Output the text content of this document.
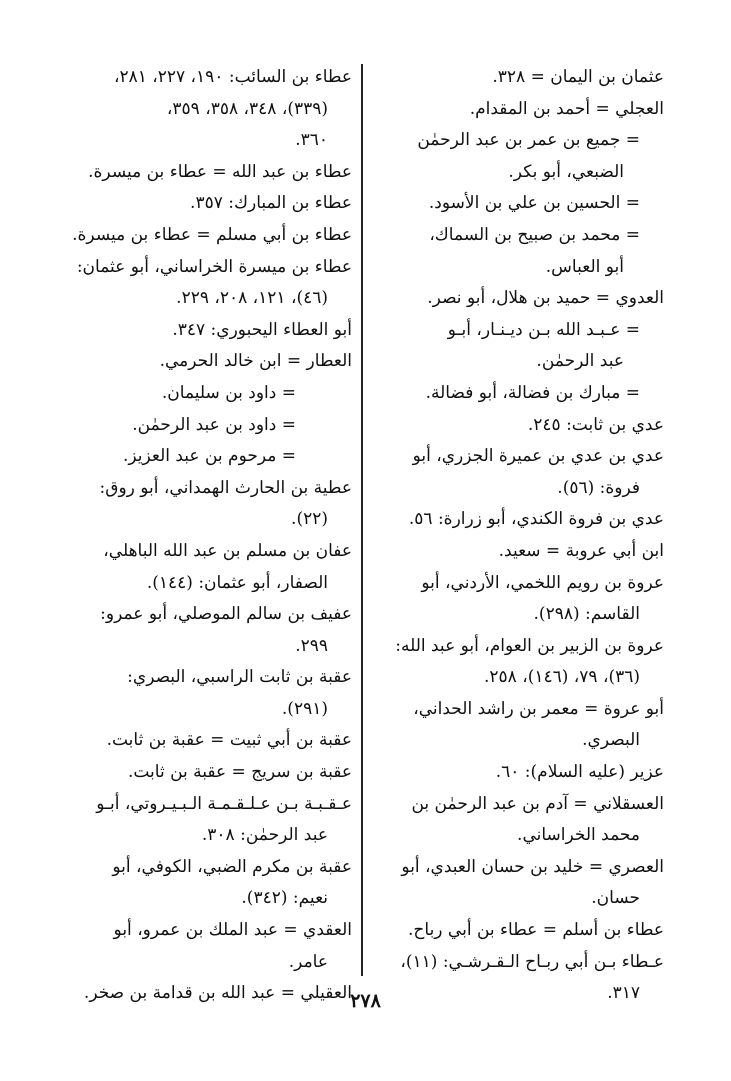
عثمان بن اليمان = ٣٢٨.
العجلي = أحمد بن المقدام.
= جميع بن عمر بن عبد الرحمٰن
الضبعي، أبو بكر.
= الحسين بن علي بن الأسود.
= محمد بن صبيح بن السماك،
أبو العباس.
العدوي = حميد بن هلال، أبو نصر.
= عـبـد الله بـن ديـنـار، أبـو
عبد الرحمٰن.
= مبارك بن فضالة، أبو فضالة.
عدي بن ثابت: ٢٤٥.
عدي بن عدي بن عميرة الجزري، أبو
فروة: (٥٦).
عدي بن فروة الكندي، أبو زرارة: ٥٦.
ابن أبي عروبة = سعيد.
عروة بن رويم اللخمي، الأردني، أبو
القاسم: (٢٩٨).
عروة بن الزبير بن العوام، أبو عبد الله:
(٣٦)، ٧٩، (١٤٦)، ٢٥٨.
أبو عروة = معمر بن راشد الحداني،
البصري.
عزير (عليه السلام): ٦٠.
العسقلاني = آدم بن عبد الرحمٰن بن
محمد الخراساني.
العصري = خليد بن حسان العبدي، أبو
حسان.
عطاء بن أسلم = عطاء بن أبي رباح.
عـطاء بـن أبي ربـاح الـقـرشـي: (١١)،
٣١٧.
عطاء بن السائب: ١٩٠، ٢٢٧، ٢٨١،
(٣٣٩)، ٣٤٨، ٣٥٨، ٣٥٩،
٣٦٠.
عطاء بن عبد الله = عطاء بن ميسرة.
عطاء بن المبارك: ٣٥٧.
عطاء بن أبي مسلم = عطاء بن ميسرة.
عطاء بن ميسرة الخراساني، أبو عثمان:
(٤٦)، ١٢١، ٢٠٨، ٢٢٩.
أبو العطاء اليحبوري: ٣٤٧.
العطار = ابن خالد الحرمي.
= داود بن سليمان.
= داود بن عبد الرحمٰن.
= مرحوم بن عبد العزيز.
عطية بن الحارث الهمداني، أبو روق:
(٢٢).
عفان بن مسلم بن عبد الله الباهلي،
الصفار، أبو عثمان: (١٤٤).
عفيف بن سالم الموصلي، أبو عمرو:
٢٩٩.
عقبة بن ثابت الراسبي، البصري:
(٢٩١).
عقبة بن أبي ثبيت = عقبة بن ثابت.
عقبة بن سريج = عقبة بن ثابت.
عـقـبـة بـن عـلـقـمـة الـبـيـروتي، أبـو
عبد الرحمٰن: ٣٠٨.
عقبة بن مكرم الضبي، الكوفي، أبو
نعيم: (٣٤٢).
العقدي = عبد الملك بن عمرو، أبو
عامر.
العقيلي = عبد الله بن قدامة بن صخر.
٢٧٨
